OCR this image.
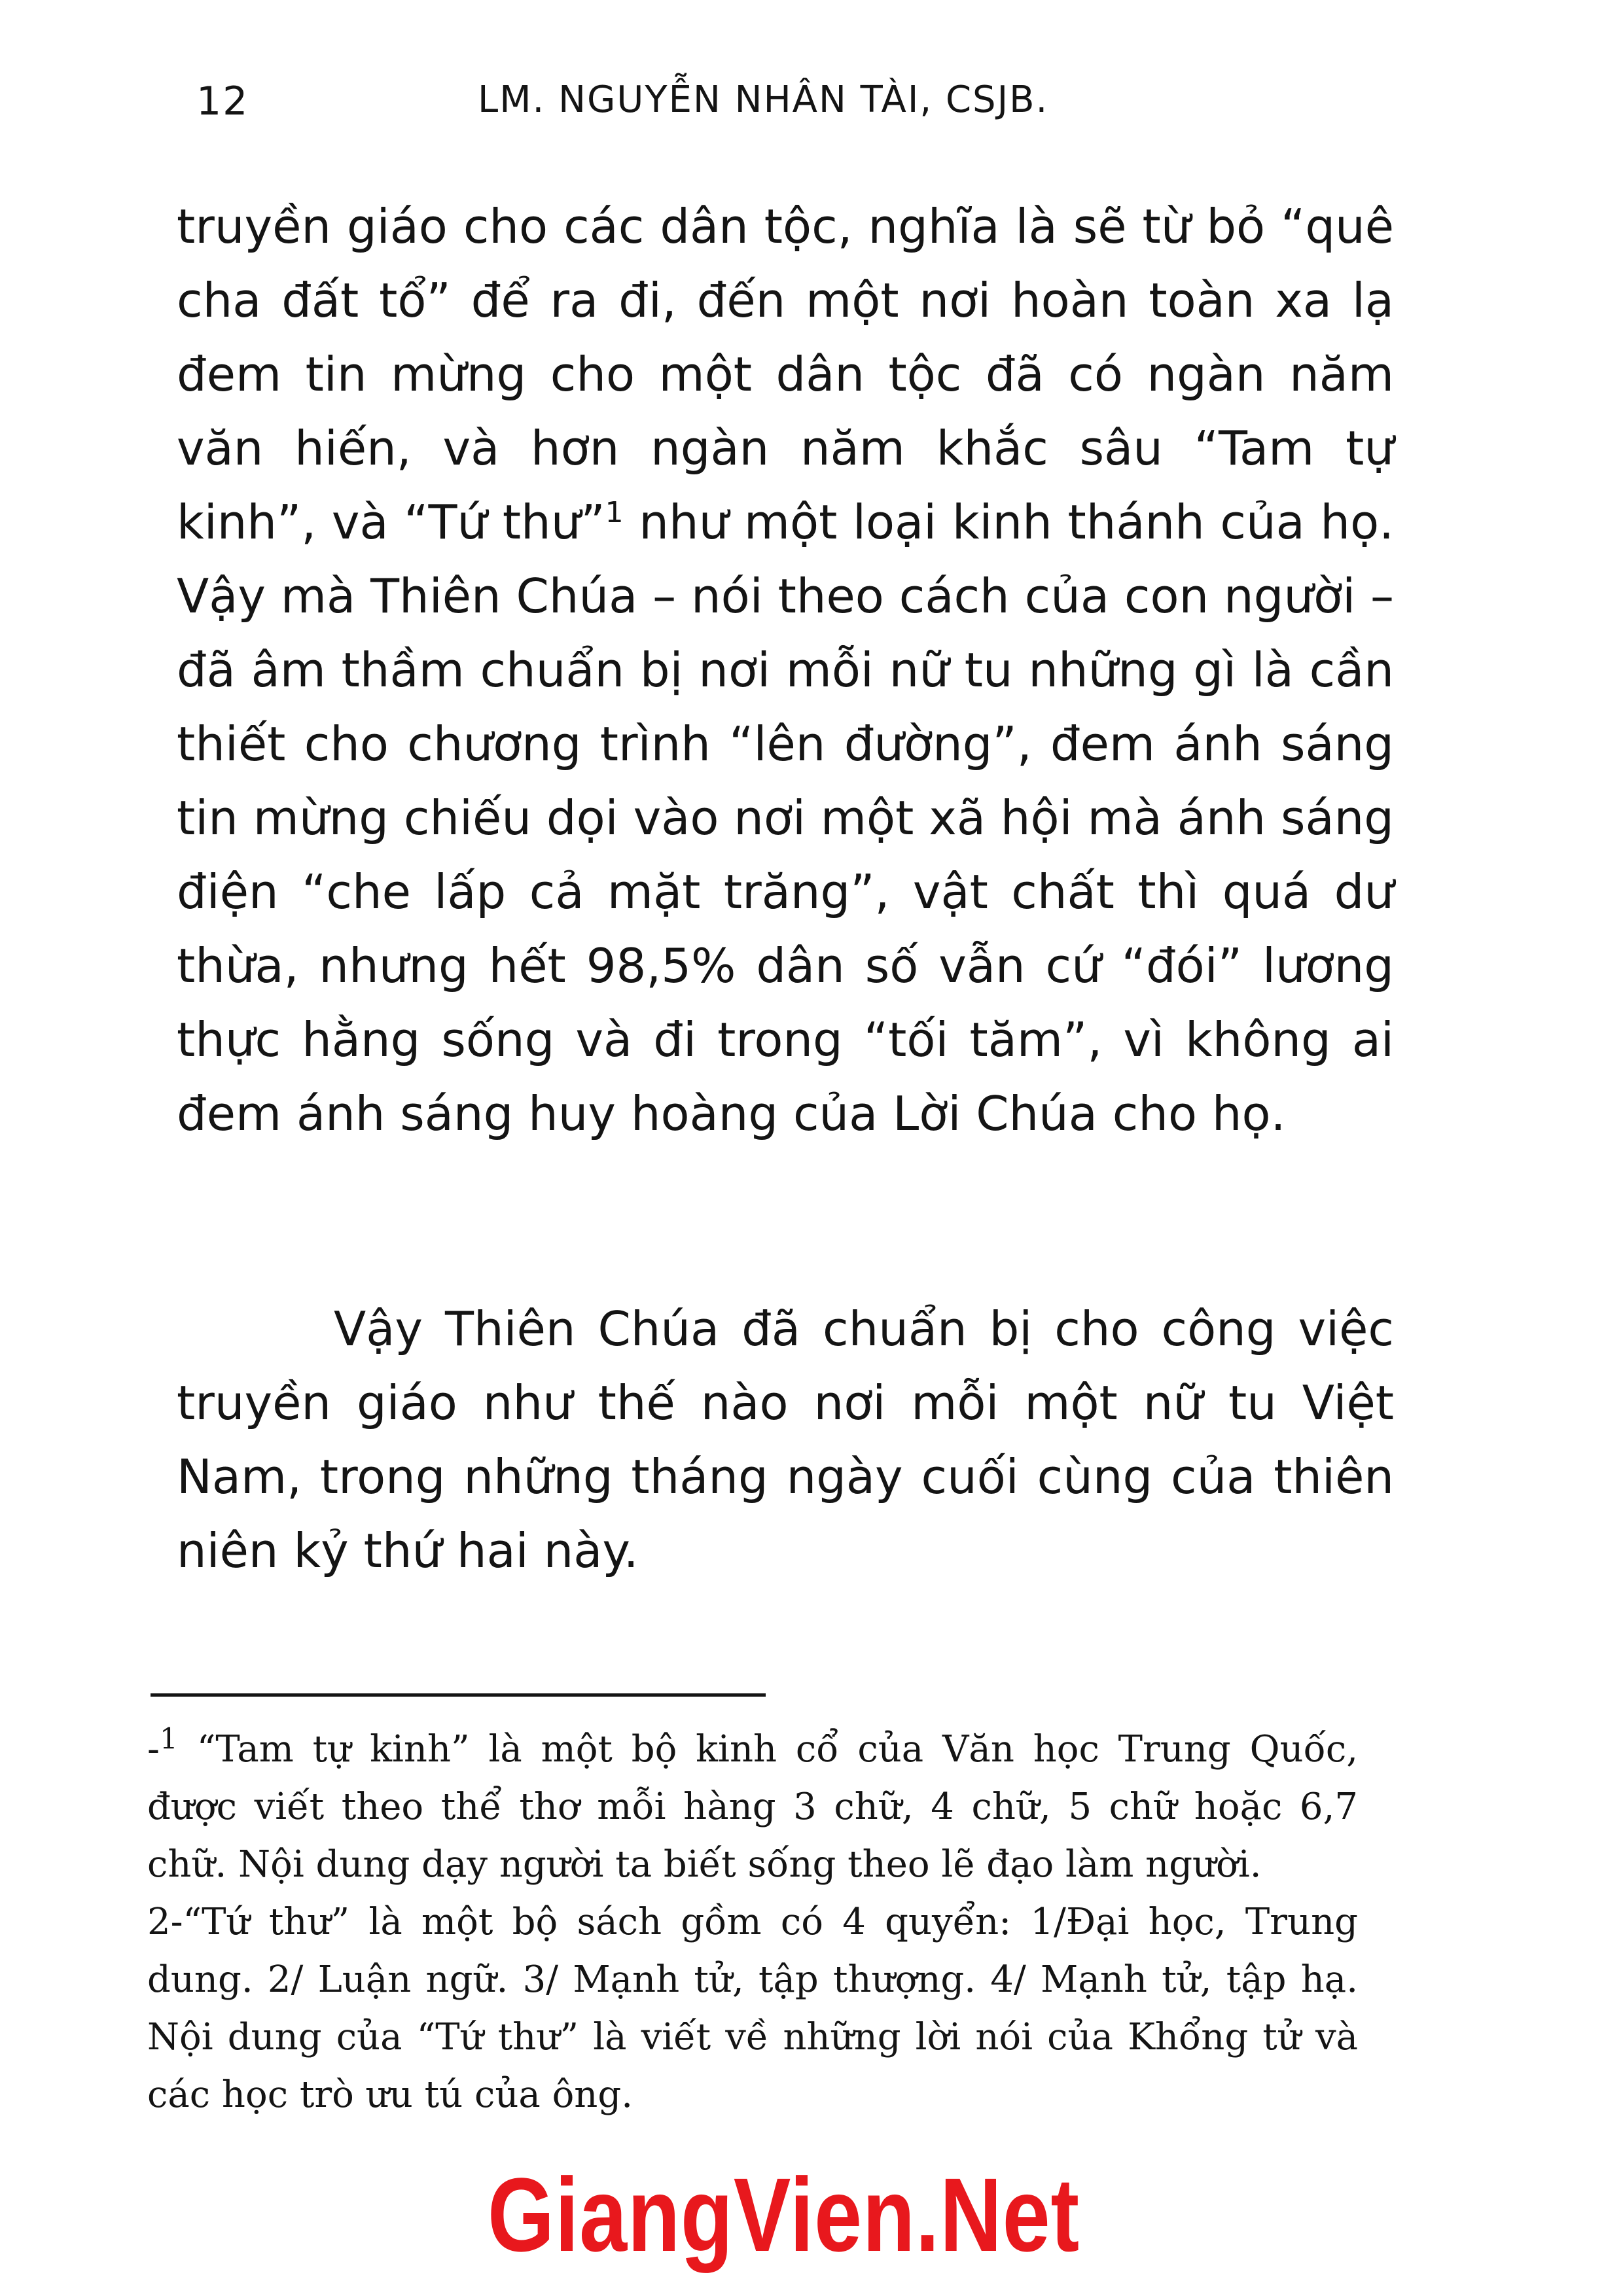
12	LM. NGUYỄN NHÂN TÀI, CSJB.

truyền giáo cho các dân tộc, nghĩa là sẽ từ bỏ “quê cha đất tổ” để ra đi, đến một nơi hoàn toàn xa lạ đem tin mừng cho một dân tộc đã có ngàn năm văn hiến, và hơn ngàn năm khắc sâu “Tam tự kinh”, và “Tứ thư”$^1$ như một loại kinh thánh của họ. Vậy mà Thiên Chúa – nói theo cách của con người – đã âm thầm chuẩn bị nơi mỗi nữ tu những gì là cần thiết cho chương trình “lên đường”, đem ánh sáng tin mừng chiếu dọi vào nơi một xã hội mà ánh sáng điện “che lấp cả mặt trăng”, vật chất thì quá dư thừa, nhưng hết 98,5% dân số vẫn cứ “đói” lương thực hằng sống và đi trong “tối tăm”, vì không ai đem ánh sáng huy hoàng của Lời Chúa cho họ.

Vậy Thiên Chúa đã chuẩn bị cho công việc truyền giáo như thế nào nơi mỗi một nữ tu Việt Nam, trong những tháng ngày cuối cùng của thiên niên kỷ thứ hai này.

-$^1$ “Tam tự kinh” là một bộ kinh cổ của Văn học Trung Quốc, được viết theo thể thơ mỗi hàng 3 chữ, 4 chữ, 5 chữ hoặc 6,7 chữ. Nội dung dạy người ta biết sống theo lẽ đạo làm người.

2-“Tứ thư” là một bộ sách gồm có 4 quyển: 1/Đại học, Trung dung. 2/ Luận ngữ. 3/ Mạnh tử, tập thượng. 4/ Mạnh tử, tập hạ. Nội dung của “Tứ thư” là viết về những lời nói của Khổng tử và các học trò ưu tú của ông.

GiangVien.Net
